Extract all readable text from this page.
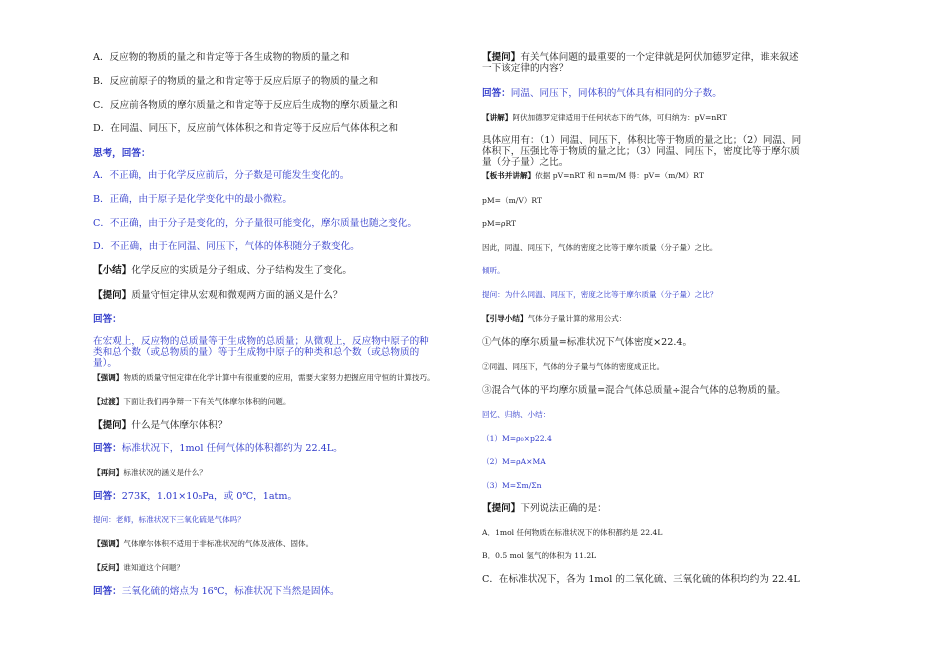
A．反应物的物质的量之和肯定等于各生成物的物质的量之和
B．反应前原子的物质的量之和肯定等于反应后原子的物质的量之和
C．反应前各物质的摩尔质量之和肯定等于反应后生成物的摩尔质量之和
D．在同温、同压下，反应前气体体积之和肯定等于反应后气体体积之和
思考，回答：
A．不正确，由于化学反应前后，分子数是可能发生变化的。
B．正确，由于原子是化学变化中的最小微粒。
C．不正确，由于分子是变化的，分子量很可能变化，摩尔质量也随之变化。
D．不正确，由于在同温、同压下，气体的体积随分子数变化。
【小结】化学反应的实质是分子组成、分子结构发生了变化。
【提问】质量守恒定律从宏观和微观两方面的涵义是什么？
回答：
在宏观上，反应物的总质量等于生成物的总质量；从微观上，反应物中原子的种类和总个数（或总物质的量）等于生成物中原子的种类和总个数（或总物质的量）。
【强调】物质的质量守恒定律在化学计算中有很重要的应用，需要大家努力把握应用守恒的计算技巧。
【过渡】下面让我们再争辩一下有关气体摩尔体积的问题。
【提问】什么是气体摩尔体积？
回答：标准状况下，1mol 任何气体的体积都约为 22.4L。
【再问】标准状况的涵义是什么？
回答：273K，1.01×10₅Pa，或 0℃，1atm。
提问：老师，标准状况下三氧化硫是气体吗？
【强调】气体摩尔体积不适用于非标准状况的气体及液体、固体。
【反问】谁知道这个问题？
回答：三氧化硫的熔点为 16℃，标准状况下当然是固体。
【提问】有关气体问题的最重要的一个定律就是阿伏加德罗定律，谁来叙述一下该定律的内容？
回答：同温、同压下，同体积的气体具有相同的分子数。
【讲解】阿伏加德罗定律适用于任何状态下的气体，可归纳为：pV=nRT
具体应用有：（1）同温、同压下，体积比等于物质的量之比；（2）同温、同体积下，压强比等于物质的量之比；（3）同温、同压下，密度比等于摩尔质量（分子量）之比。
【板书并讲解】依据 pV=nRT 和 n=m/M 得：pV=（m/M）RT
pM=（m/V）RT
pM=ρRT
因此，同温、同压下，气体的密度之比等于摩尔质量（分子量）之比。
倾听。
提问：为什么同温、同压下，密度之比等于摩尔质量（分子量）之比？
【引导小结】气体分子量计算的常用公式：
①气体的摩尔质量=标准状况下气体密度×22.4。
②同温、同压下，气体的分子量与气体的密度成正比。
③混合气体的平均摩尔质量=混合气体总质量÷混合气体的总物质的量。
回忆、归纳、小结：
（1）M=ρ₀×p22.4
（2）M=ρA×MA
（3）M=Σm/Σn
【提问】下列说法正确的是：
A．1mol 任何物质在标准状况下的体积都约是 22.4L
B．0.5 mol 氢气的体积为 11.2L
C．在标准状况下，各为 1mol 的二氧化硫、三氧化硫的体积均约为 22.4L
